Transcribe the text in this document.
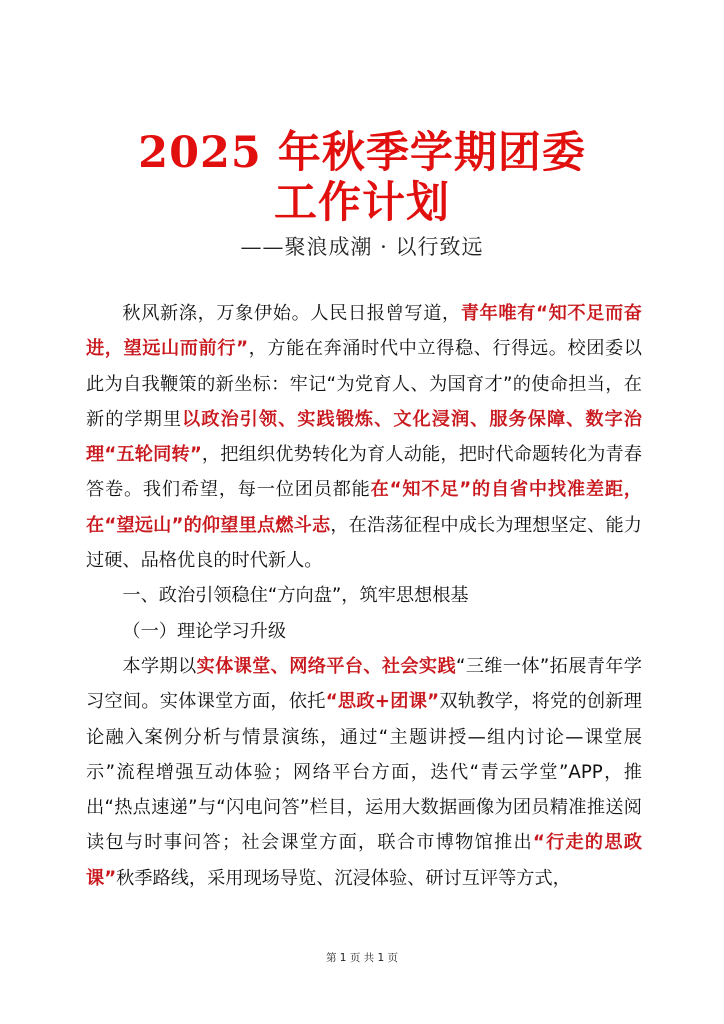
2025 年秋季学期团委
工作计划
——聚浪成潮 · 以行致远

秋风新涤，万象伊始。人民日报曾写道，青年唯有“知不足而奋进，望远山而前行”，方能在奔涌时代中立得稳、行得远。校团委以此为自我鞭策的新坐标：牢记“为党育人、为国育才”的使命担当，在新的学期里以政治引领、实践锻炼、文化浸润、服务保障、数字治理“五轮同转”，把组织优势转化为育人动能，把时代命题转化为青春答卷。我们希望，每一位团员都能在“知不足”的自省中找准差距，在“望远山”的仰望里点燃斗志，在浩荡征程中成长为理想坚定、能力过硬、品格优良的时代新人。

一、政治引领稳住“方向盘”，筑牢思想根基

（一）理论学习升级

本学期以实体课堂、网络平台、社会实践“三维一体”拓展青年学习空间。实体课堂方面，依托“思政+团课”双轨教学，将党的创新理论融入案例分析与情景演练，通过“主题讲授—组内讨论—课堂展示”流程增强互动体验；网络平台方面，迭代“青云学堂”APP，推出“热点速递”与“闪电问答”栏目，运用大数据画像为团员精准推送阅读包与时事问答；社会课堂方面，联合市博物馆推出“行走的思政课”秋季路线，采用现场导览、沉浸体验、研讨互评等方式，

第 1 页 共 1 页
